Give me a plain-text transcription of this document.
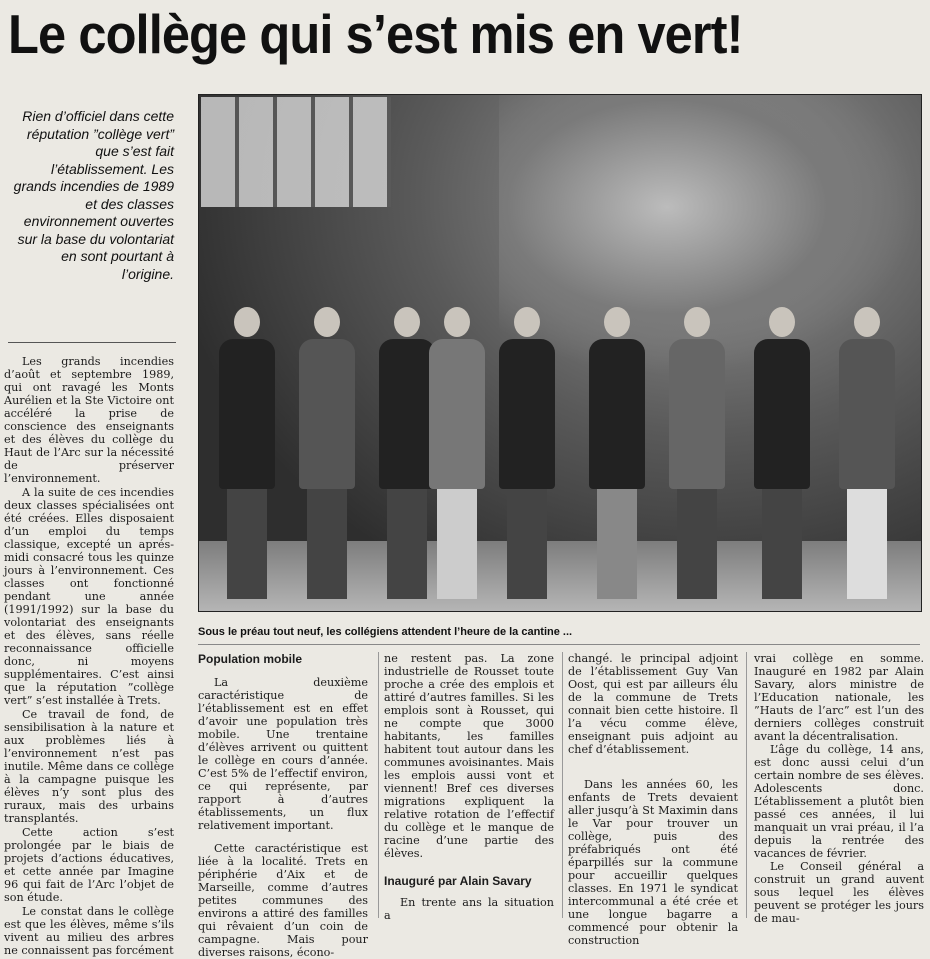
Le collège qui s’est mis en vert!
Rien d’officiel dans cette réputation ”collège vert” que s’est fait l’établissement. Les grands incendies de 1989 et des classes environnement ouvertes sur la base du volontariat en sont pourtant à l’origine.

Les grands incendies d’août et septembre 1989, qui ont ravagé les Monts Aurélien et la Ste Victoire ont accéléré la prise de conscience des enseignants et des élèves du collège du Haut de l’Arc sur la nécessité de préserver l’environnement.

A la suite de ces incendies deux classes spécialisées ont été créées. Elles disposaient d’un emploi du temps classique, excepté un aprés-midi consacré tous les quinze jours à l’environnement. Ces classes ont fonctionné pendant une année (1991/1992) sur la base du volontariat des enseignants et des élèves, sans réelle reconnaissance officielle donc, ni moyens supplémentaires. C’est ainsi que la réputation ”collège vert” s’est installée à Trets.

Ce travail de fond, de sensibilisation à la nature et aux problèmes liés à l’environnement n’est pas inutile. Même dans ce collège à la campagne puisque les élèves n’y sont plus des ruraux, mais des urbains transplantés.

Cette action s’est prolongée par le biais de projets d’actions éducatives, et cette année par Imagine 96 qui fait de l’Arc l’objet de son étude.

Le constat dans le collège est que les élèves, même s’ils vivent au milieu des arbres ne connaissent pas forcément

Sous le préau tout neuf, les collégiens attendent l’heure de la cantine ...
Population mobile

La deuxième caractéristique de l’établissement est en effet d’avoir une population très mobile. Une trentaine d’élèves arrivent ou quittent le collège en cours d’année. C’est 5% de l’effectif environ, ce qui représente, par rapport à d’autres établissements, un flux relativement important.

Cette caractéristique est liée à la localité. Trets en périphérie d’Aix et de Marseille, comme d’autres petites communes des environs a attiré des familles qui rêvaient d’un coin de campagne. Mais pour diverses raisons, écono-

ne restent pas. La zone industrielle de Rousset toute proche a crée des emplois et attiré d’autres familles. Si les emplois sont à Rousset, qui ne compte que 3000 habitants, les familles habitent tout autour dans les communes avoisinantes. Mais les emplois aussi vont et viennent! Bref ces diverses migrations expliquent la relative rotation de l’effectif du collège et le manque de racine d’une partie des élèves.

Inauguré par Alain Savary

En trente ans la situation a

changé. le principal adjoint de l’établissement Guy Van Oost, qui est par ailleurs élu de la commune de Trets connait bien cette histoire. Il l’a vécu comme élève, enseignant puis adjoint au chef d’établissement.

Dans les années 60, les enfants de Trets devaient aller jusqu’à St Maximin dans le Var pour trouver un collège, puis des préfabriqués ont été éparpillés sur la commune pour accueillir quelques classes. En 1971 le syndicat intercommunal a été crée et une longue bagarre a commencé pour obtenir la construction

vrai collège en somme. Inauguré en 1982 par Alain Savary, alors ministre de l’Education nationale, les ”Hauts de l’arc” est l’un des derniers collèges construit avant la décentralisation.

L’âge du collège, 14 ans, est donc aussi celui d’un certain nombre de ses élèves. Adolescents donc. L’établissement a plutôt bien passé ces années, il lui manquait un vrai préau, il l’a depuis la rentrée des vacances de février.

Le Conseil général a construit un grand auvent sous lequel les élèves peuvent se protéger les jours de mau-
